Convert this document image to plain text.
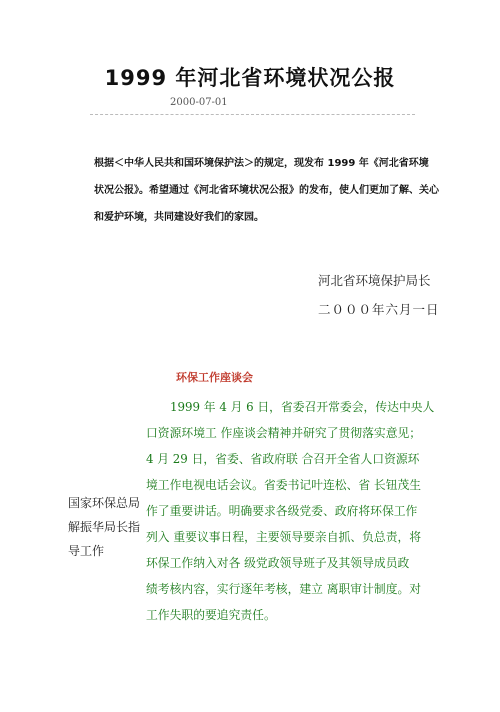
1999 年河北省环境状况公报
2000-07-01
根据＜中华人民共和国环境保护法＞的规定，现发布 1999 年《河北省环境
状况公报》。希望通过《河北省环境状况公报》的发布，使人们更加了解、关心
和爱护环境，共同建设好我们的家园。
河北省环境保护局长
二０００年六月一日
环保工作座谈会
国家环保总局
解振华局长指
导工作
1999 年 4 月 6 日，省委召开常委会，传达中央人
口资源环境工 作座谈会精神并研究了贯彻落实意见；
4 月 29 日，省委、省政府联 合召开全省人口资源环
境工作电视电话会议。省委书记叶连松、省 长钮茂生
作了重要讲话。明确要求各级党委、政府将环保工作
列入 重要议事日程，主要领导要亲自抓、负总责，将
环保工作纳入对各 级党政领导班子及其领导成员政
绩考核内容，实行逐年考核，建立 离职审计制度。对
工作失职的要追究责任。
